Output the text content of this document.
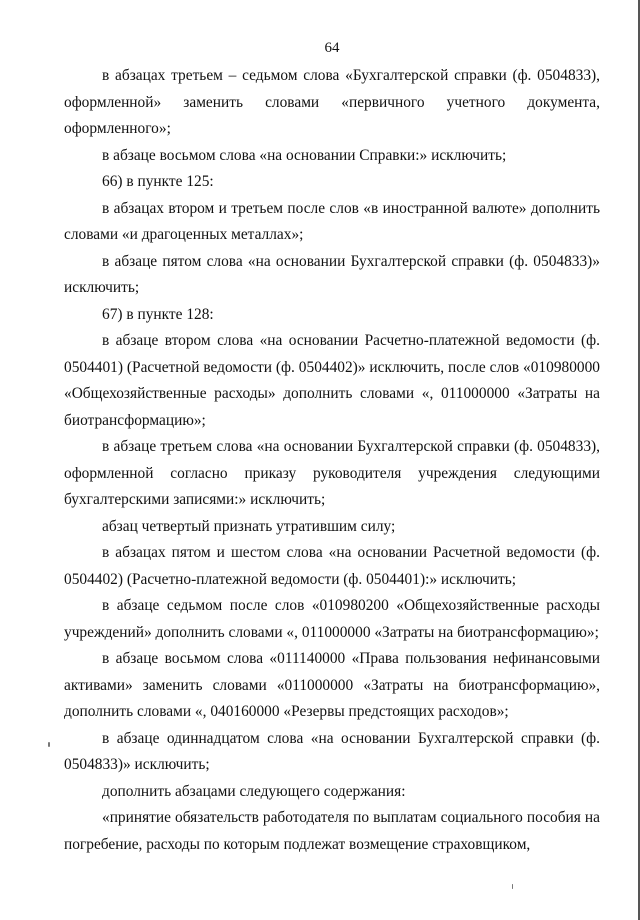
64

в абзацах третьем – седьмом слова «Бухгалтерской справки (ф. 0504833), оформленной» заменить словами «первичного учетного документа, оформленного»;

в абзаце восьмом слова «на основании Справки:» исключить;

66) в пункте 125:

в абзацах втором и третьем после слов «в иностранной валюте» дополнить словами «и драгоценных металлах»;

в абзаце пятом слова «на основании Бухгалтерской справки (ф. 0504833)» исключить;

67) в пункте 128:

в абзаце втором слова «на основании Расчетно-платежной ведомости (ф. 0504401) (Расчетной ведомости (ф. 0504402)» исключить, после слов «010980000 «Общехозяйственные расходы» дополнить словами «, 011000000 «Затраты на биотрансформацию»;

в абзаце третьем слова «на основании Бухгалтерской справки (ф. 0504833), оформленной согласно приказу руководителя учреждения следующими бухгалтерскими записями:» исключить;

абзац четвертый признать утратившим силу;

в абзацах пятом и шестом слова «на основании Расчетной ведомости (ф. 0504402) (Расчетно-платежной ведомости (ф. 0504401):» исключить;

в абзаце седьмом после слов «010980200 «Общехозяйственные расходы учреждений» дополнить словами «, 011000000 «Затраты на биотрансформацию»;

в абзаце восьмом слова «011140000 «Права пользования нефинансовыми активами» заменить словами «011000000 «Затраты на биотрансформацию», дополнить словами «, 040160000 «Резервы предстоящих расходов»;

в абзаце одиннадцатом слова «на основании Бухгалтерской справки (ф. 0504833)» исключить;

дополнить абзацами следующего содержания:

«принятие обязательств работодателя по выплатам социального пособия на погребение, расходы по которым подлежат возмещение страховщиком,
